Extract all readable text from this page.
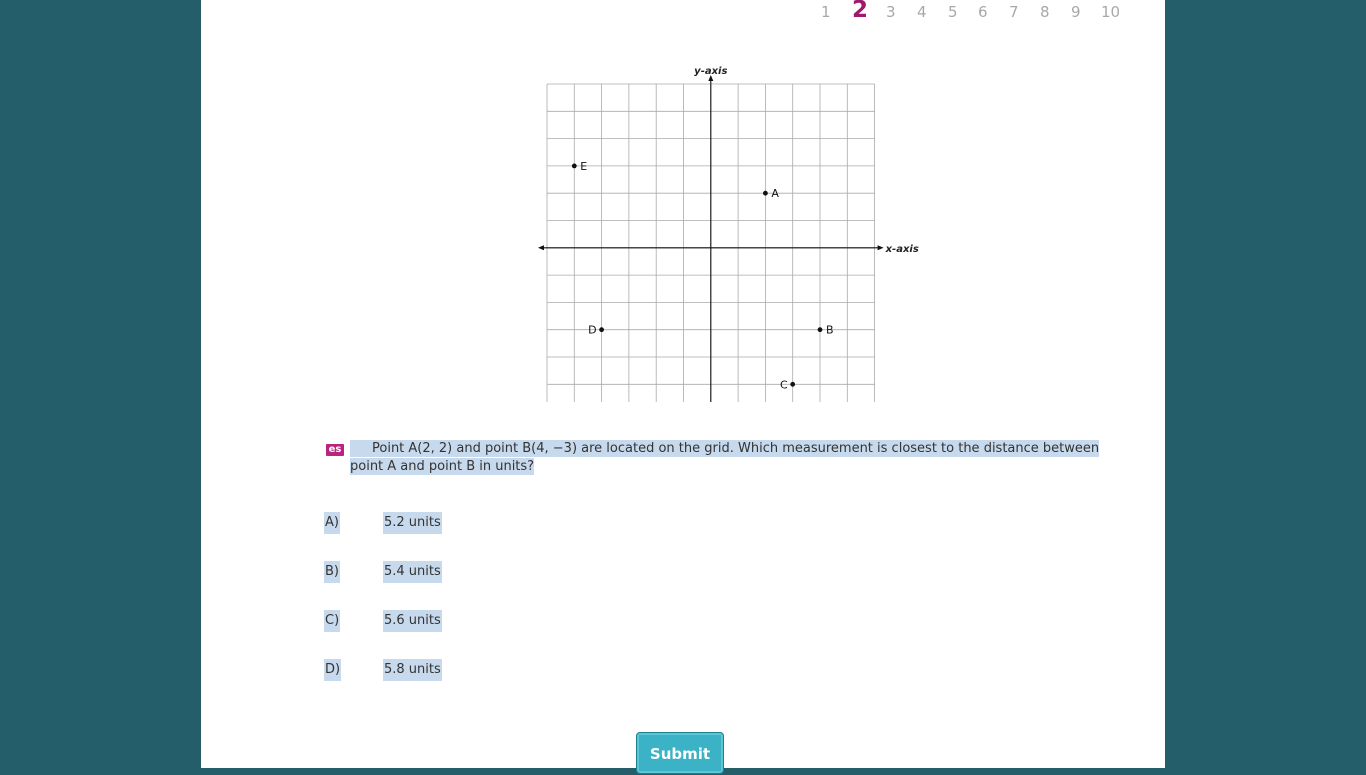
1 2 3 4 5 6 7 8 9 10
E
A
D	B
C
x-axis
y-axis
es	Point A(2, 2) and point B(4, −3) are located on the grid. Which measurement is closest to the distance between point A and point B in units?
A)	5.2 units
B)	5.4 units
C)	5.6 units
D)	5.8 units
Submit
